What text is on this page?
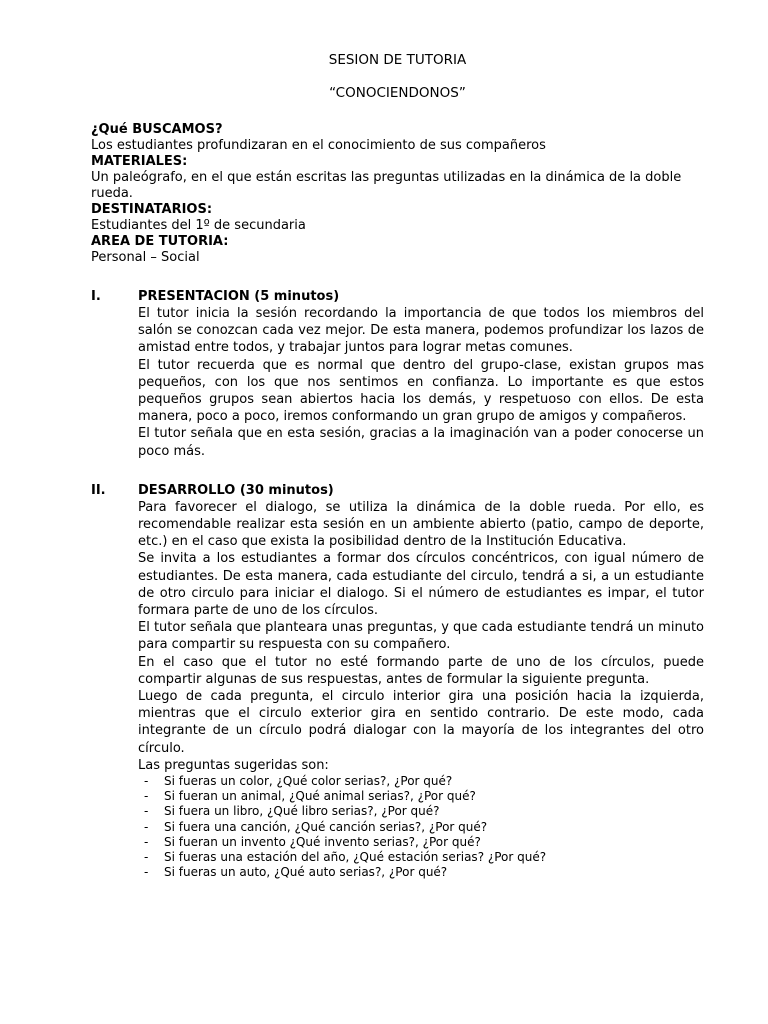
SESION DE TUTORIA
“CONOCIENDONOS”
¿Qué BUSCAMOS?
Los estudiantes profundizaran en el conocimiento de sus compañeros
MATERIALES:
Un paleógrafo, en el que están escritas las preguntas utilizadas en la dinámica de la doble rueda.
DESTINATARIOS:
Estudiantes del 1º de secundaria
AREA DE TUTORIA:
Personal – Social
I.	PRESENTACION (5 minutos)
El tutor inicia la sesión recordando la importancia de que todos los miembros del salón se conozcan cada vez mejor. De esta manera, podemos profundizar los lazos de amistad entre todos, y trabajar juntos para lograr metas comunes.
El tutor recuerda que es normal que dentro del grupo-clase, existan grupos mas pequeños, con los que nos sentimos en confianza. Lo importante es que estos pequeños grupos sean abiertos hacia los demás, y respetuoso con ellos. De esta manera, poco a poco, iremos conformando un gran grupo de amigos y compañeros.
El tutor señala que en esta sesión, gracias a la imaginación van a poder conocerse un poco más.
II.	DESARROLLO (30 minutos)
Para favorecer el dialogo, se utiliza la dinámica de la doble rueda. Por ello, es recomendable realizar esta sesión en un ambiente abierto (patio, campo de deporte, etc.) en el caso que exista la posibilidad dentro de la Institución Educativa.
Se invita a los estudiantes a formar dos círculos concéntricos, con igual número de estudiantes. De esta manera, cada estudiante del circulo, tendrá a si, a un estudiante de otro circulo para iniciar el dialogo. Si el número de estudiantes es impar, el tutor formara parte de uno de los círculos.
El tutor señala que planteara unas preguntas, y que cada estudiante tendrá un minuto para compartir su respuesta con su compañero.
En el caso que el tutor no esté formando parte de uno de los círculos, puede compartir algunas de sus respuestas, antes de formular la siguiente pregunta.
Luego de cada pregunta, el circulo interior gira una posición hacia la izquierda, mientras que el circulo exterior gira en sentido contrario. De este modo, cada integrante de un círculo podrá dialogar con la mayoría de los integrantes del otro círculo.
Las preguntas sugeridas son:
-	Si fueras un color, ¿Qué color serias?, ¿Por qué?
-	Si fueran un animal, ¿Qué animal serias?, ¿Por qué?
-	Si fuera un libro, ¿Qué libro serias?, ¿Por qué?
-	Si fuera una canción, ¿Qué canción serias?, ¿Por qué?
-	Si fueran un invento ¿Qué invento serias?, ¿Por qué?
-	Si fueras una estación del año, ¿Qué estación serias? ¿Por qué?
-	Si fueras un auto, ¿Qué auto serias?, ¿Por qué?
